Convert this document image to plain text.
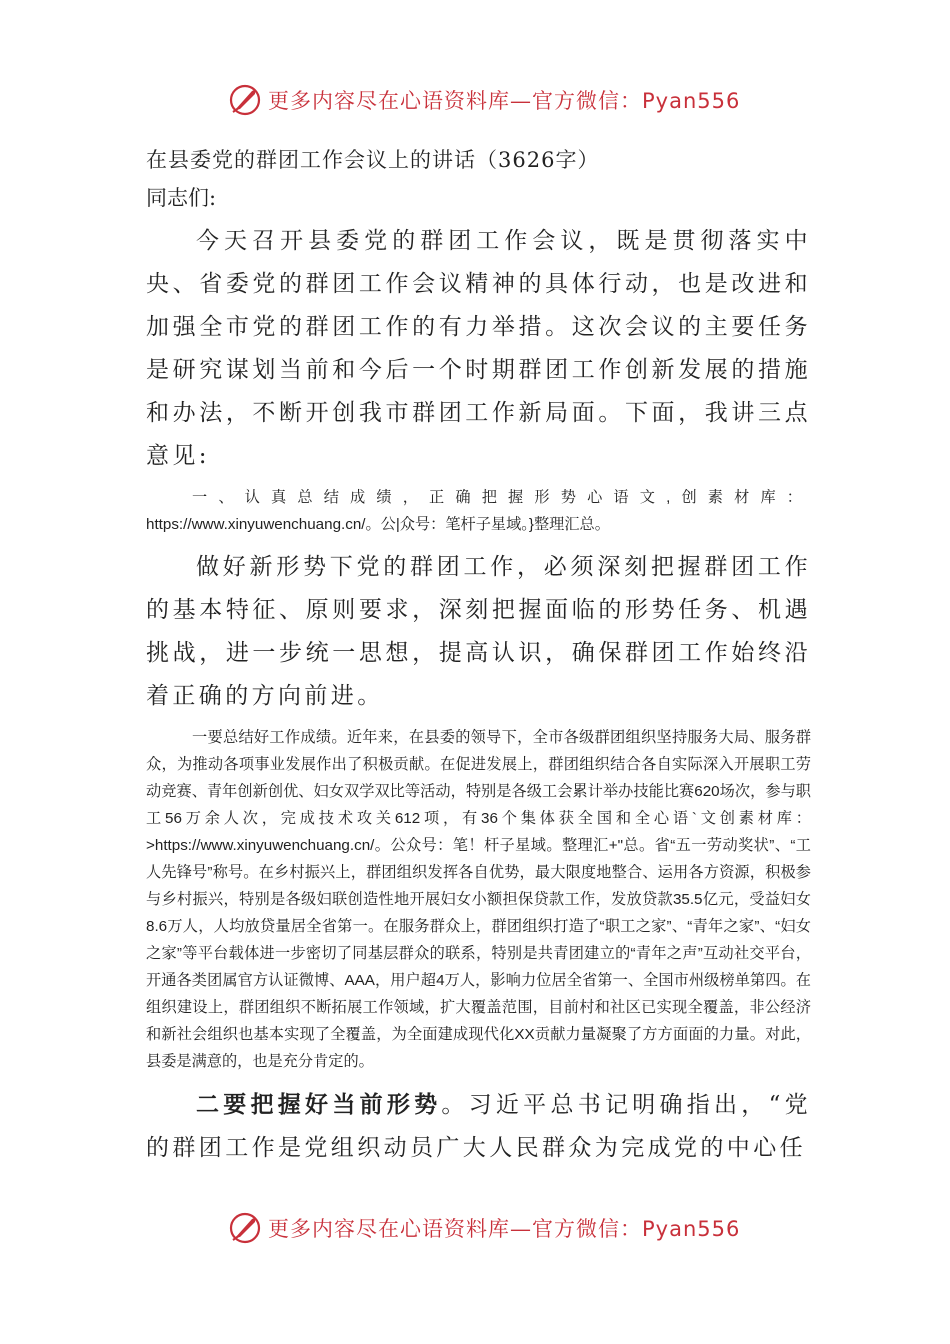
更多内容尽在心语资料库—官方微信：Pyan556

在县委党的群团工作会议上的讲话（3626字）

同志们:

今天召开县委党的群团工作会议，既是贯彻落实中央、省委党的群团工作会议精神的具体行动，也是改进和加强全市党的群团工作的有力举措。这次会议的主要任务是研究谋划当前和今后一个时期群团工作创新发展的措施和办法，不断开创我市群团工作新局面。下面，我讲三点意见:

一、认真总结成绩，正确把握形势心语文,创素材库：https://www.xinyuwenchuang.cn/。公|众号：笔杆子星域。}整理汇总。

做好新形势下党的群团工作，必须深刻把握群团工作的基本特征、原则要求，深刻把握面临的形势任务、机遇挑战，进一步统一思想，提高认识，确保群团工作始终沿着正确的方向前进。

一要总结好工作成绩。近年来，在县委的领导下，全市各级群团组织坚持服务大局、服务群众，为推动各项事业发展作出了积极贡献。在促进发展上，群团组织结合各自实际深入开展职工劳动竞赛、青年创新创优、妇女双学双比等活动，特别是各级工会累计举办技能比赛620场次，参与职工56万余人次，完成技术攻关612项，有36个集体获全国和全心语`文创素材库：>https://www.xinyuwenchuang.cn/。公众号：笔！杆子星域。整理汇+"总。省“五一劳动奖状”、“工人先锋号”称号。在乡村振兴上，群团组织发挥各自优势，最大限度地整合、运用各方资源，积极参与乡村振兴，特别是各级妇联创造性地开展妇女小额担保贷款工作，发放贷款35.5亿元，受益妇女8.6万人，人均放贷量居全省第一。在服务群众上，群团组织打造了“职工之家”、“青年之家”、“妇女之家”等平台载体进一步密切了同基层群众的联系，特别是共青团建立的“青年之声”互动社交平台，开通各类团属官方认证微博、AAA，用户超4万人，影响力位居全省第一、全国市州级榜单第四。在组织建设上，群团组织不断拓展工作领域，扩大覆盖范围，目前村和社区已实现全覆盖，非公经济和新社会组织也基本实现了全覆盖，为全面建成现代化XX贡献力量凝聚了方方面面的力量。对此，县委是满意的，也是充分肯定的。

二要把握好当前形势。习近平总书记明确指出，“党的群团工作是党组织动员广大人民群众为完成党的中心任

更多内容尽在心语资料库—官方微信：Pyan556
